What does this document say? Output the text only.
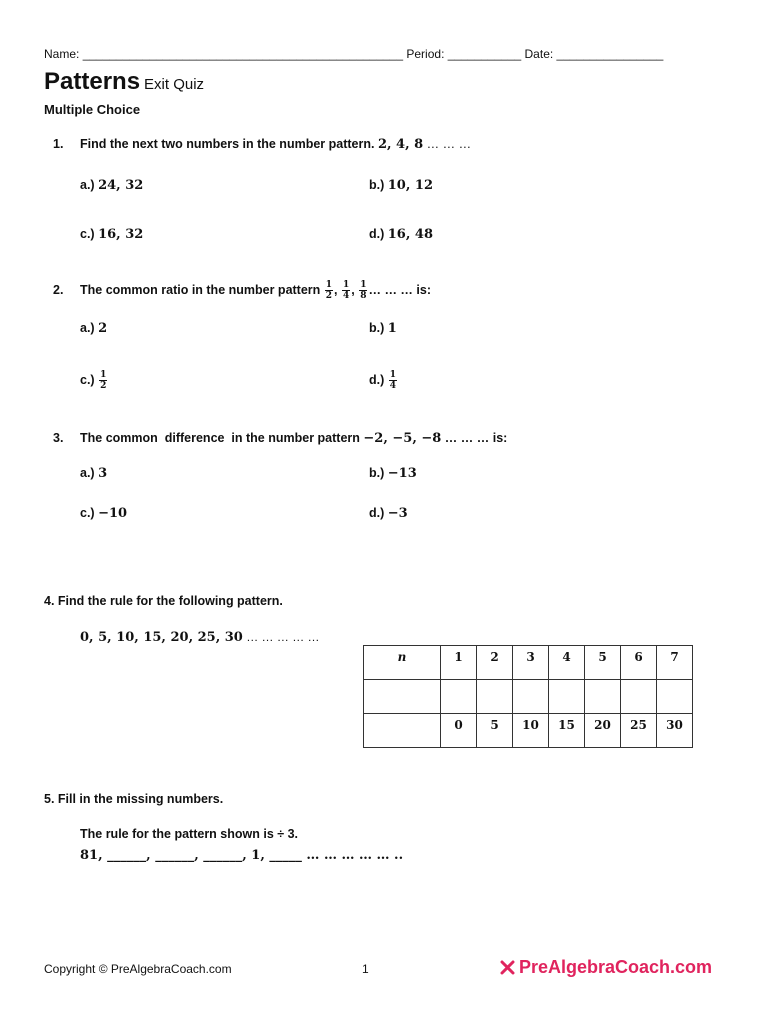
Name: ________________________________________________ Period: ___________ Date: ________________
Patterns Exit Quiz
Multiple Choice
1. Find the next two numbers in the number pattern. 2, 4, 8 … … …
a.) 24, 32	b.) 10, 12
c.) 16, 32	d.) 16, 48
2. The common ratio in the number pattern $\frac{1}{2}$ , $\frac{1}{4}$ , $\frac{1}{8}$ … … … is:
a.) 2	b.) 1
$c.) \frac{1}{2}$	$d.) \frac{1}{4}$
3. The common  difference  in the number pattern −2, −5, −8 … … … is:
a.) 3	b.) −13
c.) −10	d.) −3
4. Find the rule for the following pattern.
0, 5, 10, 15, 20, 25, 30 … … … … …
n	1	2	3	4	5	6	7

	0	5	10	15	20	25	30
5. Fill in the missing numbers.
The rule for the pattern shown is ÷ 3.
81, ______, ______, ______, 1, _____ … … … … … ..
Copyright © PreAlgebraCoach.com	1	PreAlgebraCoach.com
